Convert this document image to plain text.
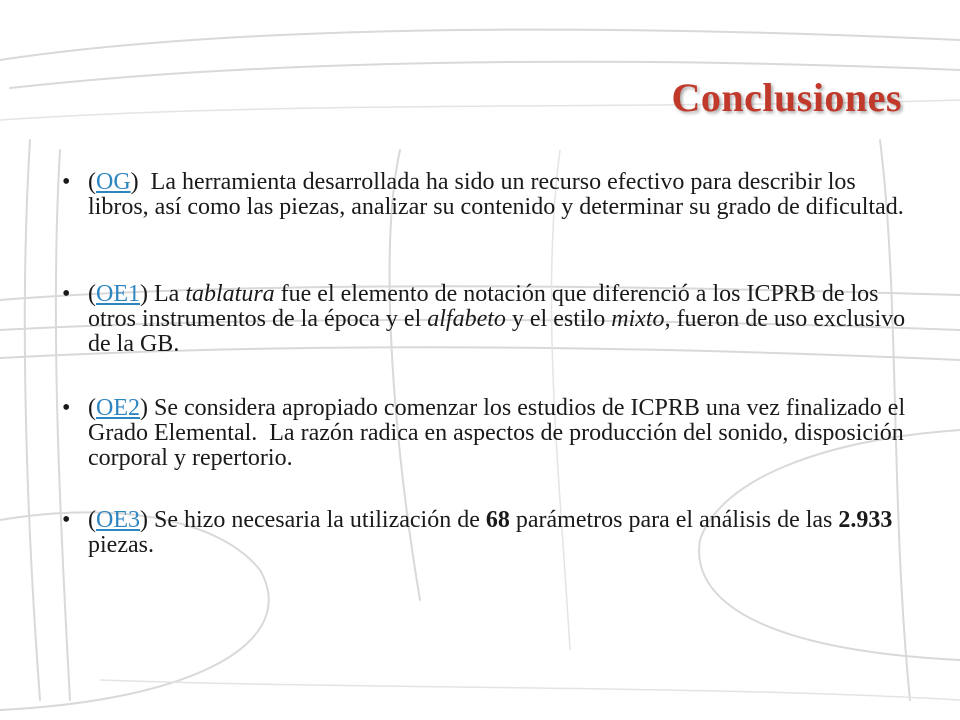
Conclusiones
• (OG)  La herramienta desarrollada ha sido un recurso efectivo para describir los libros, así como las piezas, analizar su contenido y determinar su grado de dificultad.
• (OE1) La tablatura fue el elemento de notación que diferenció a los ICPRB de los otros instrumentos de la época y el alfabeto y el estilo mixto, fueron de uso exclusivo de la GB.
• (OE2) Se considera apropiado comenzar los estudios de ICPRB una vez finalizado el Grado Elemental.  La razón radica en aspectos de producción del sonido, disposición corporal y repertorio.
• (OE3) Se hizo necesaria la utilización de 68 parámetros para el análisis de las 2.933 piezas.
